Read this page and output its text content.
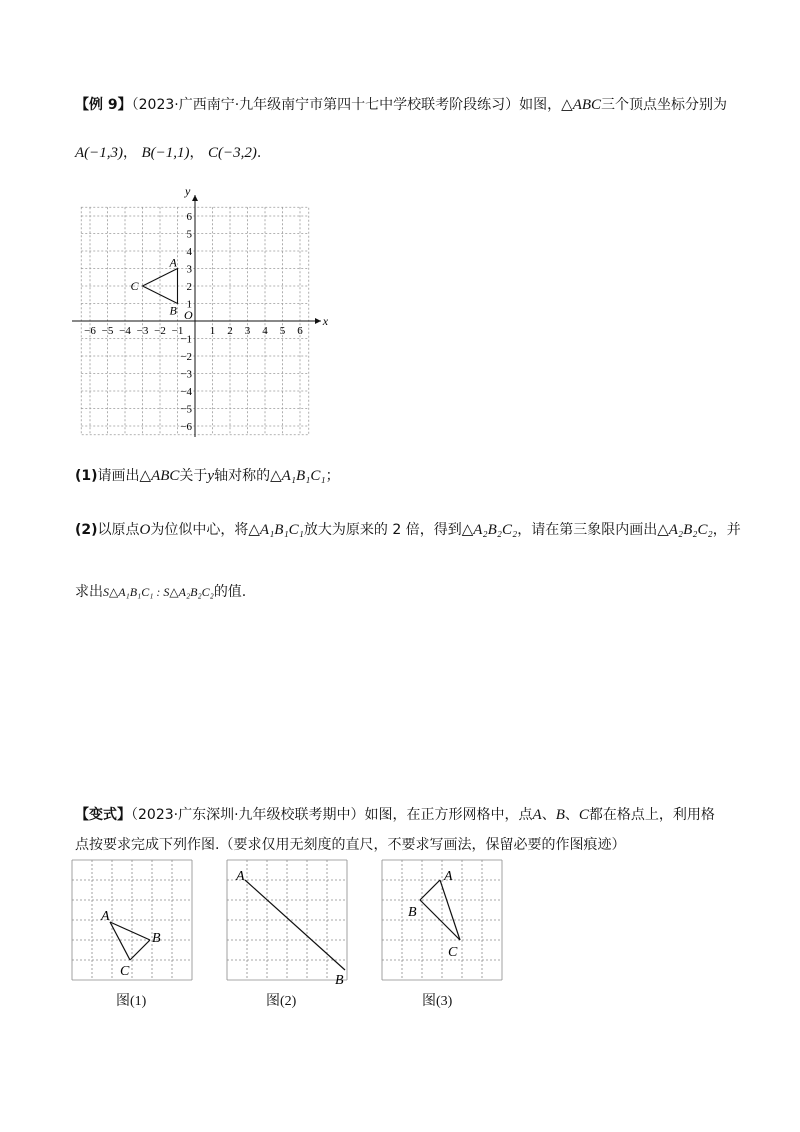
【例 9】（2023·广西南宁·九年级南宁市第四十七中学校联考阶段练习）如图，△ABC三个顶点坐标分别为
A(−1,3)， B(−1,1)， C(−3,2).
−6 −5 −4 −3 −2 −1 1 2 3 4 5 6
6
5
4
3
2
1
−1
−2
−3
−4
−5
−6
A
B
C
x
y
O
(1)请画出△ABC关于y轴对称的△A₁B₁C₁；
(2)以原点O为位似中心，将△A₁B₁C₁放大为原来的 2 倍，得到△A₂B₂C₂，请在第三象限内画出△A₂B₂C₂，并
求出S△A₁B₁C₁ : S△A₂B₂C₂的值.
【变式】（2023·广东深圳·九年级校联考期中）如图，在正方形网格中，点A、B、C都在格点上，利用格
点按要求完成下列作图.（要求仅用无刻度的直尺，不要求写画法，保留必要的作图痕迹）
A
B
C
图(1)
A
B
图(2)
A
B
C
图(3)
